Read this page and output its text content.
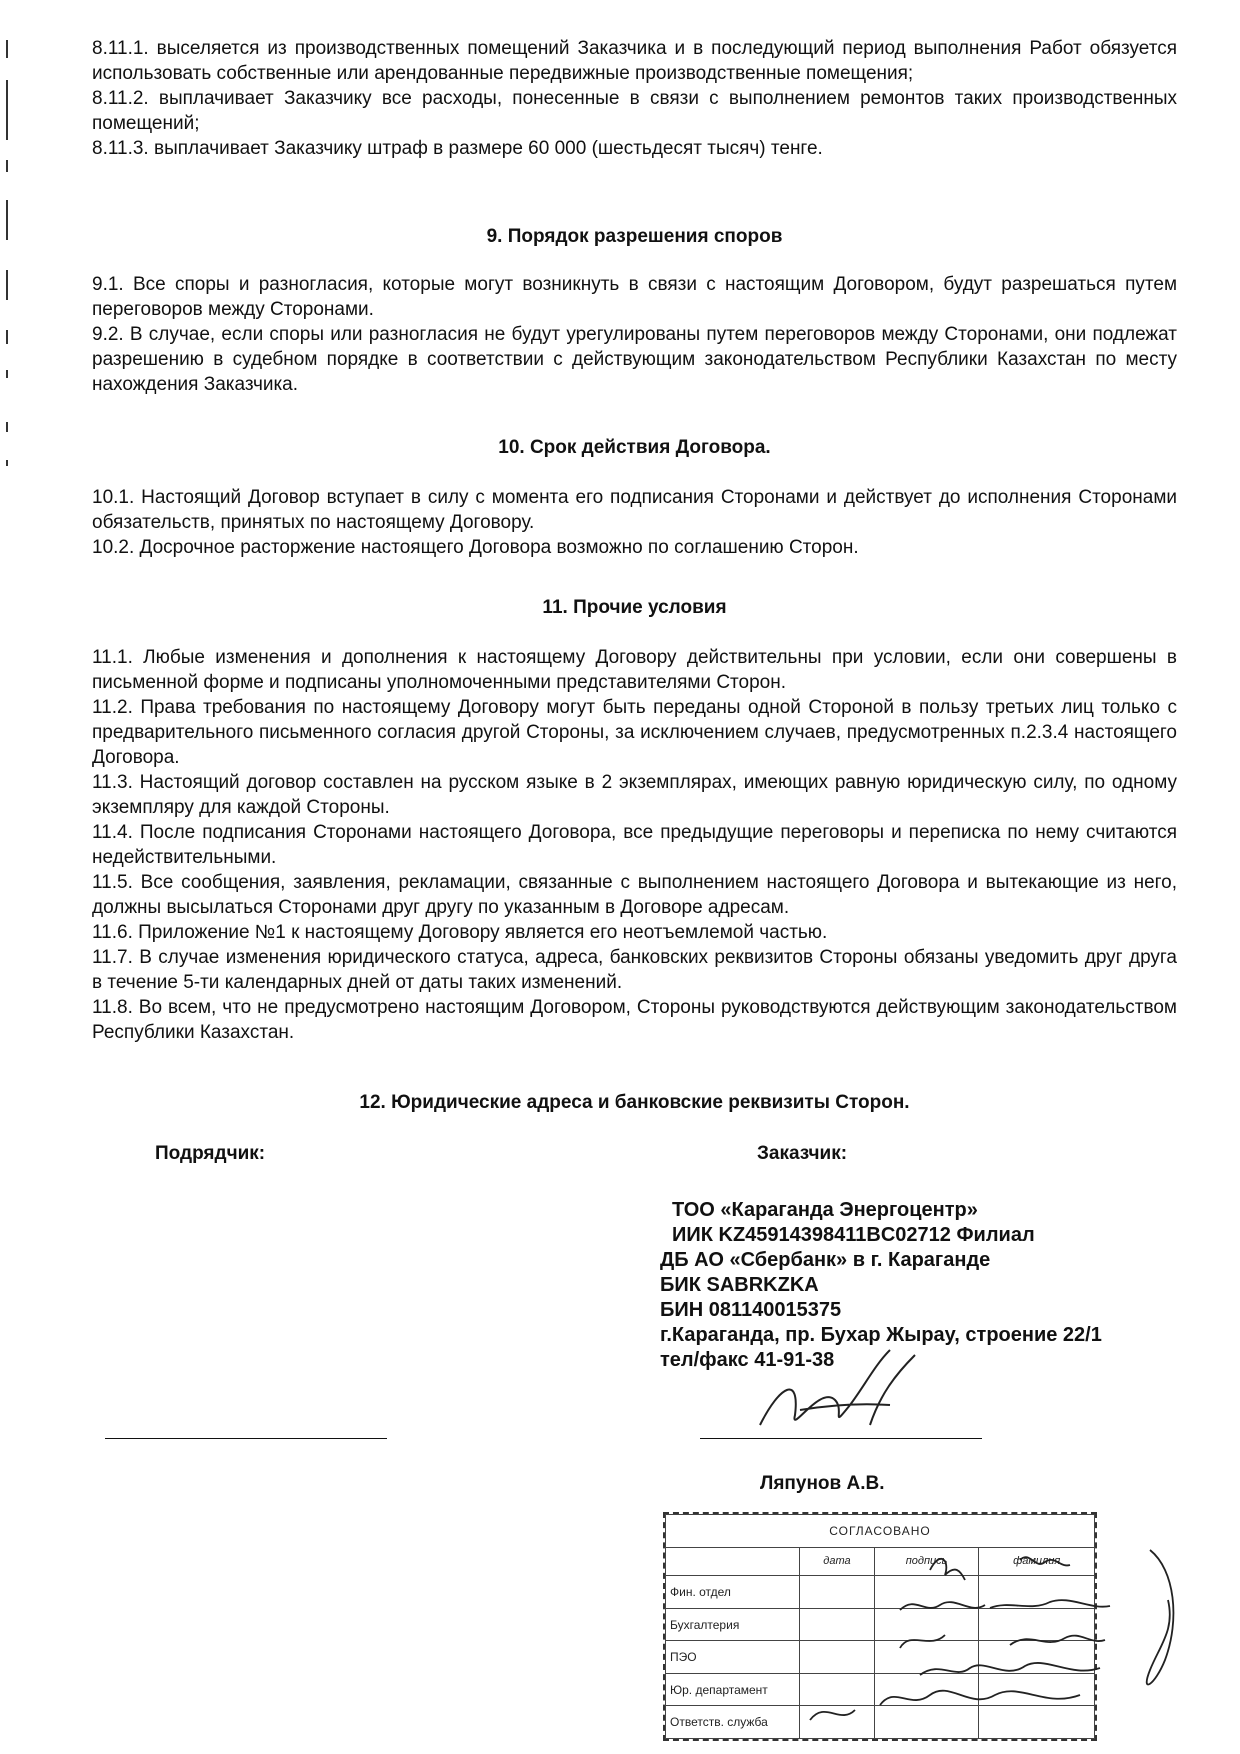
8.11.1. выселяется из производственных помещений Заказчика и в последующий период выполнения Работ обязуется использовать собственные или арендованные передвижные производственные помещения;

8.11.2. выплачивает Заказчику все расходы, понесенные в связи с выполнением ремонтов таких производственных помещений;

8.11.3. выплачивает Заказчику штраф в размере 60 000 (шестьдесят тысяч) тенге.

9. Порядок разрешения споров

9.1. Все споры и разногласия, которые могут возникнуть в связи с настоящим Договором, будут разрешаться путем переговоров между Сторонами.

9.2. В случае, если споры или разногласия не будут урегулированы путем переговоров между Сторонами, они подлежат разрешению в судебном порядке в соответствии с действующим законодательством Республики Казахстан по месту нахождения Заказчика.

10. Срок действия Договора.

10.1. Настоящий Договор вступает в силу с момента его подписания Сторонами и действует до исполнения Сторонами обязательств, принятых по настоящему Договору.

10.2. Досрочное расторжение настоящего Договора возможно по соглашению Сторон.

11. Прочие условия

11.1. Любые изменения и дополнения к настоящему Договору действительны при условии, если они совершены в письменной форме и подписаны уполномоченными представителями Сторон.

11.2. Права требования по настоящему Договору могут быть переданы одной Стороной в пользу третьих лиц только с предварительного письменного согласия другой Стороны, за исключением случаев, предусмотренных п.2.3.4 настоящего Договора.

11.3. Настоящий договор составлен на русском языке в 2 экземплярах, имеющих равную юридическую силу, по одному экземпляру для каждой Стороны.

11.4. После подписания Сторонами настоящего Договора, все предыдущие переговоры и переписка по нему считаются недействительными.

11.5. Все сообщения, заявления, рекламации, связанные с выполнением настоящего Договора и вытекающие из него, должны высылаться Сторонами друг другу по указанным в Договоре адресам.

11.6. Приложение №1 к настоящему Договору является его неотъемлемой частью.

11.7. В случае изменения юридического статуса, адреса, банковских реквизитов Стороны обязаны уведомить друг друга в течение 5-ти календарных дней от даты таких изменений.

11.8. Во всем, что не предусмотрено настоящим Договором, Стороны руководствуются действующим законодательством Республики Казахстан.

12. Юридические адреса и банковские реквизиты Сторон.
Подрядчик:	Заказчик:
ТОО «Караганда Энергоцентр»
ИИК KZ45914398411BC02712 Филиал
ДБ АО «Сбербанк» в г. Караганде
БИК SABRKZKA
БИН 081140015375
г.Караганда, пр. Бухар Жырау, строение 22/1
тел/факс 41-91-38
Ляпунов А.В.
СОГЛАСОВАНО			
	дата	подпись	фамилия
Фин. отдел			
Бухгалтерия			
ПЭО			
Юр. департамент			
Ответств. служба			
